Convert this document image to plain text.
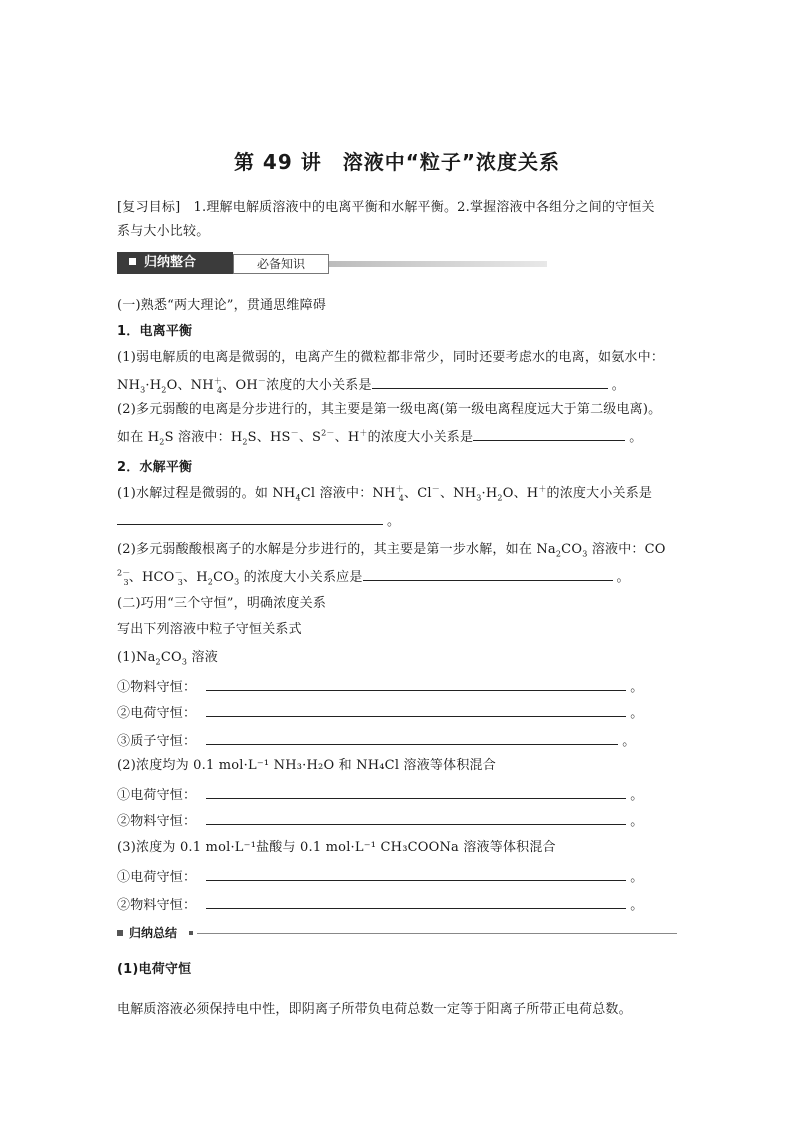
第 49 讲　溶液中“粒子”浓度关系
[复习目标]　1.理解电解质溶液中的电离平衡和水解平衡。2.掌握溶液中各组分之间的守恒关
系与大小比较。
归纳整合	必备知识
(一)熟悉“两大理论”，贯通思维障碍
1．电离平衡
(1)弱电解质的电离是微弱的，电离产生的微粒都非常少，同时还要考虑水的电离，如氨水中：
$NH_3\cdot H_2O$、$NH^+_4$、OH－浓度的大小关系是	。
(2)多元弱酸的电离是分步进行的，其主要是第一级电离(第一级电离程度远大于第二级电离)。
如在 $H_2S$ 溶液中：$H_2S$、HS－、$S^{2-}$、H＋的浓度大小关系是	。
2．水解平衡
(1)水解过程是微弱的。如 $NH_4Cl$ 溶液中：$NH^+_4$、Cl－、$NH_3\cdot H_2O$、H＋的浓度大小关系是
。
(2)多元弱酸酸根离子的水解是分步进行的，其主要是第一步水解，如在 $Na_2CO_3$ 溶液中：CO
$^{2-}_3$、$HCO^-_3$、$H_2CO_3$ 的浓度大小关系应是	。
(二)巧用“三个守恒”，明确浓度关系
写出下列溶液中粒子守恒关系式
$(1)Na_2CO_3$ 溶液
①物料守恒：	。
②电荷守恒：	。
③质子守恒：	。
(2)浓度均为 0.1 mol·L⁻¹ NH₃·H₂O 和 NH₄Cl 溶液等体积混合
①电荷守恒：	。
②物料守恒：	。
(3)浓度为 0.1 mol·L⁻¹盐酸与 0.1 mol·L⁻¹ CH₃COONa 溶液等体积混合
①电荷守恒：	。
②物料守恒：	。
归纳总结
(1)电荷守恒
电解质溶液必须保持电中性，即阴离子所带负电荷总数一定等于阳离子所带正电荷总数。
